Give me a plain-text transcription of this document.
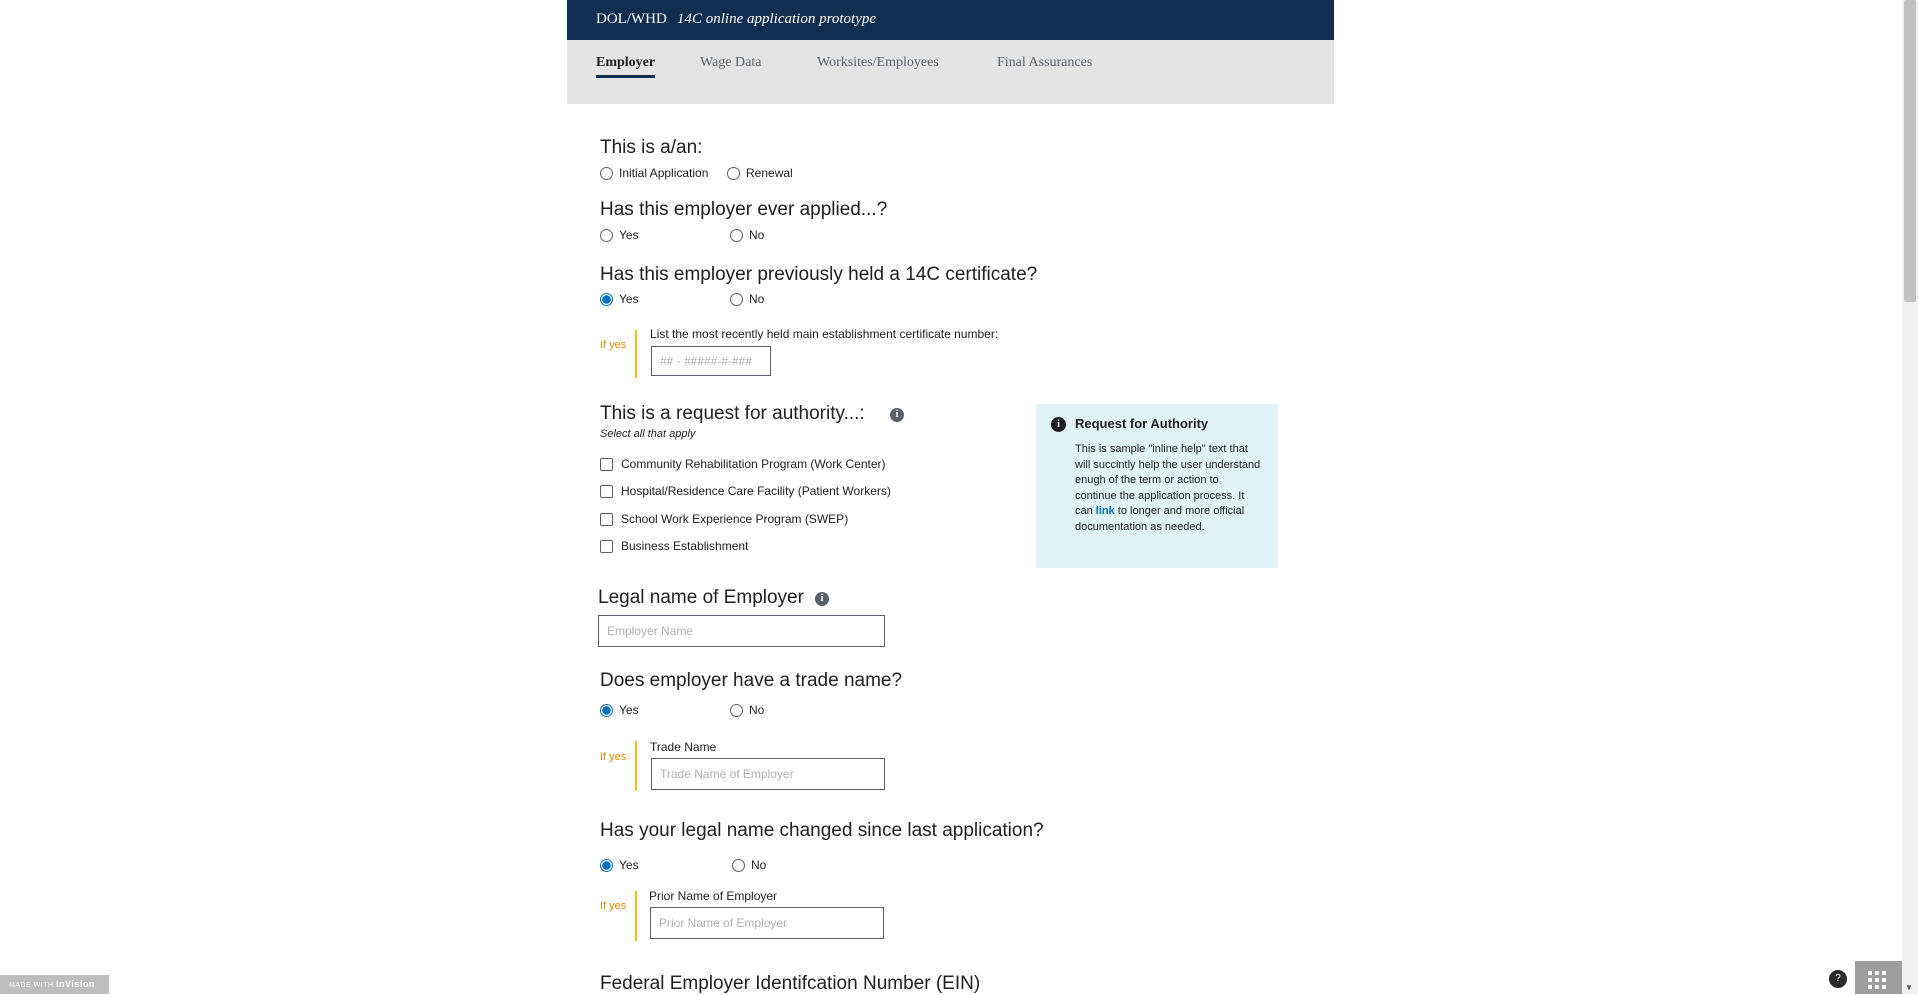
DOL/WHD 14C online application prototype
Employer	Wage Data	Worksites/Employees	Final Assurances
This is a/an:
Initial Application	Renewal
Has this employer ever applied...?
Yes	No
Has this employer previously held a 14C certificate?
Yes	No
If yes
List the most recently held main establishment certificate number:
## - #####-#-###
This is a request for authority...:	i
Select all that apply
Community Rehabilitation Program (Work Center)
Hospital/Residence Care Facility (Patient Workers)
School Work Experience Program (SWEP)
Business Establishment
i	Request for Authority
This is sample "inline help" text that will succintly help the user understand enugh of the term or action to continue the application process. It can link to longer and more official documentation as needed.
Legal name of Employer	i
Employer Name
Does employer have a trade name?
Yes	No
If yes
Trade Name
Trade Name of Employer
Has your legal name changed since last application?
Yes	No
If yes
Prior Name of Employer
Prior Name of Employer
Federal Employer Identifcation Number (EIN)	▼
MADE WITH InVision	?
